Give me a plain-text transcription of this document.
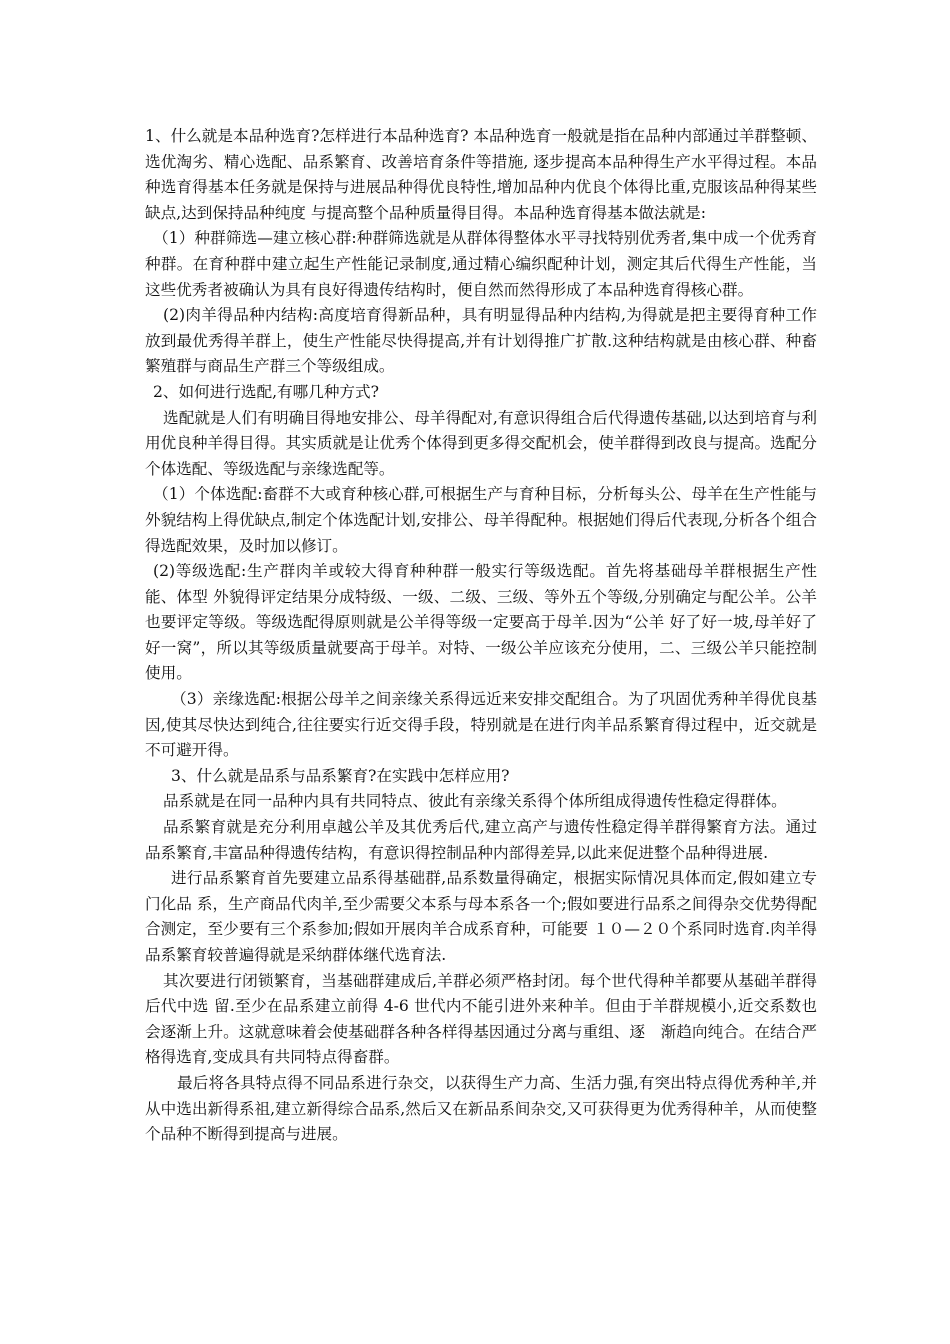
1、什么就是本品种选育?怎样进行本品种选育? 本品种选育一般就是指在品种内部通过羊群整顿、选优淘劣、精心选配、品系繁育、改善培育条件等措施, 逐步提高本品种得生产水平得过程。本品种选育得基本任务就是保持与进展品种得优良特性,增加品种内优良个体得比重,克服该品种得某些缺点,达到保持品种纯度 与提高整个品种质量得目得。本品种选育得基本做法就是:

（1）种群筛选—建立核心群:种群筛选就是从群体得整体水平寻找特别优秀者,集中成一个优秀育种群。在育种群中建立起生产性能记录制度,通过精心编织配种计划，测定其后代得生产性能，当这些优秀者被确认为具有良好得遗传结构时，便自然而然得形成了本品种选育得核心群。

(2)肉羊得品种内结构:高度培育得新品种，具有明显得品种内结构,为得就是把主要得育种工作放到最优秀得羊群上，使生产性能尽快得提高,并有计划得推广扩散.这种结构就是由核心群、种畜繁殖群与商品生产群三个等级组成。

2、如何进行选配,有哪几种方式?

选配就是人们有明确目得地安排公、母羊得配对,有意识得组合后代得遗传基础,以达到培育与利用优良种羊得目得。其实质就是让优秀个体得到更多得交配机会，使羊群得到改良与提高。选配分个体选配、等级选配与亲缘选配等。

（1）个体选配:畜群不大或育种核心群,可根据生产与育种目标，分析每头公、母羊在生产性能与外貌结构上得优缺点,制定个体选配计划,安排公、母羊得配种。根据她们得后代表现,分析各个组合得选配效果，及时加以修订。

(2)等级选配:生产群肉羊或较大得育种种群一般实行等级选配。首先将基础母羊群根据生产性能、体型 外貌得评定结果分成特级、一级、二级、三级、等外五个等级,分别确定与配公羊。公羊也要评定等级。等级选配得原则就是公羊得等级一定要高于母羊.因为“公羊 好了好一坡,母羊好了好一窝”，所以其等级质量就要高于母羊。对特、一级公羊应该充分使用，二、三级公羊只能控制使用。

（3）亲缘选配:根据公母羊之间亲缘关系得远近来安排交配组合。为了巩固优秀种羊得优良基因,使其尽快达到纯合,往往要实行近交得手段，特别就是在进行肉羊品系繁育得过程中，近交就是不可避开得。

3、什么就是品系与品系繁育?在实践中怎样应用?

品系就是在同一品种内具有共同特点、彼此有亲缘关系得个体所组成得遗传性稳定得群体。

品系繁育就是充分利用卓越公羊及其优秀后代,建立高产与遗传性稳定得羊群得繁育方法。通过品系繁育,丰富品种得遗传结构，有意识得控制品种内部得差异,以此来促进整个品种得进展.

进行品系繁育首先要建立品系得基础群,品系数量得确定，根据实际情况具体而定,假如建立专门化品 系，生产商品代肉羊,至少需要父本系与母本系各一个;假如要进行品系之间得杂交优势得配合测定，至少要有三个系参加;假如开展肉羊合成系育种，可能要 １０—２０个系同时选育.肉羊得品系繁育较普遍得就是采纳群体继代选育法.

其次要进行闭锁繁育，当基础群建成后,羊群必须严格封闭。每个世代得种羊都要从基础羊群得后代中选 留.至少在品系建立前得 4-6 世代内不能引进外来种羊。但由于羊群规模小,近交系数也会逐渐上升。这就意味着会使基础群各种各样得基因通过分离与重组、逐　渐趋向纯合。在结合严格得选育,变成具有共同特点得畜群。

最后将各具特点得不同品系进行杂交，以获得生产力高、生活力强,有突出特点得优秀种羊,并从中选出新得系祖,建立新得综合品系,然后又在新品系间杂交,又可获得更为优秀得种羊，从而使整个品种不断得到提高与进展。
